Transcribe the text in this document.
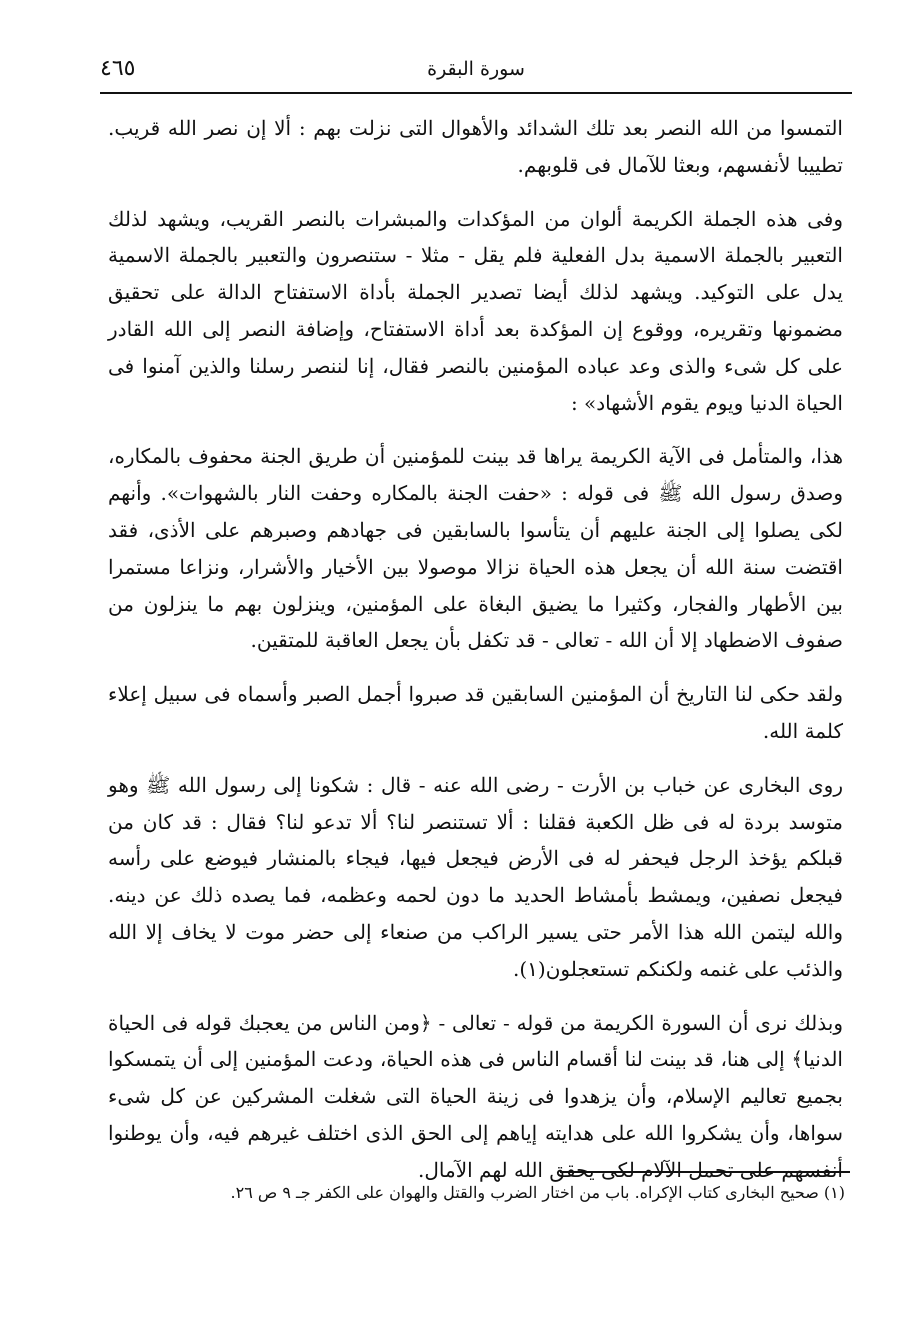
سورة البقرة
٤٦٥

التمسوا من الله النصر بعد تلك الشدائد والأهوال التى نزلت بهم : ألا إن نصر الله قريب. تطييبا لأنفسهم، وبعثا للآمال فى قلوبهم.

وفى هذه الجملة الكريمة ألوان من المؤكدات والمبشرات بالنصر القريب، ويشهد لذلك التعبير بالجملة الاسمية بدل الفعلية فلم يقل - مثلا - ستنصرون والتعبير بالجملة الاسمية يدل على التوكيد. ويشهد لذلك أيضا تصدير الجملة بأداة الاستفتاح الدالة على تحقيق مضمونها وتقريره، ووقوع إن المؤكدة بعد أداة الاستفتاح، وإضافة النصر إلى الله القادر على كل شىء والذى وعد عباده المؤمنين بالنصر فقال، إنا لننصر رسلنا والذين آمنوا فى الحياة الدنيا ويوم يقوم الأشهاد» :

هذا، والمتأمل فى الآية الكريمة يراها قد بينت للمؤمنين أن طريق الجنة محفوف بالمكاره، وصدق رسول الله ﷺ فى قوله : «حفت الجنة بالمكاره وحفت النار بالشهوات». وأنهم لكى يصلوا إلى الجنة عليهم أن يتأسوا بالسابقين فى جهادهم وصبرهم على الأذى، فقد اقتضت سنة الله أن يجعل هذه الحياة نزالا موصولا بين الأخيار والأشرار، ونزاعا مستمرا بين الأطهار والفجار، وكثيرا ما يضيق البغاة على المؤمنين، وينزلون بهم ما ينزلون من صفوف الاضطهاد إلا أن الله - تعالى - قد تكفل بأن يجعل العاقبة للمتقين.

ولقد حكى لنا التاريخ أن المؤمنين السابقين قد صبروا أجمل الصبر وأسماه فى سبيل إعلاء كلمة الله.

روى البخارى عن خباب بن الأرت - رضى الله عنه - قال : شكونا إلى رسول الله ﷺ وهو متوسد بردة له فى ظل الكعبة فقلنا : ألا تستنصر لنا؟ ألا تدعو لنا؟ فقال : قد كان من قبلكم يؤخذ الرجل فيحفر له فى الأرض فيجعل فيها، فيجاء بالمنشار فيوضع على رأسه فيجعل نصفين، ويمشط بأمشاط الحديد ما دون لحمه وعظمه، فما يصده ذلك عن دينه. والله ليتمن الله هذا الأمر حتى يسير الراكب من صنعاء إلى حضر موت لا يخاف إلا الله والذئب على غنمه ولكنكم تستعجلون(١).

وبذلك نرى أن السورة الكريمة من قوله - تعالى - ﴿ومن الناس من يعجبك قوله فى الحياة الدنيا﴾ إلى هنا، قد بينت لنا أقسام الناس فى هذه الحياة، ودعت المؤمنين إلى أن يتمسكوا بجميع تعاليم الإسلام، وأن يزهدوا فى زينة الحياة التى شغلت المشركين عن كل شىء سواها، وأن يشكروا الله على هدايته إياهم إلى الحق الذى اختلف غيرهم فيه، وأن يوطنوا أنفسهم على تحمل الآلام لكى يحقق الله لهم الآمال.

(١) صحيح البخارى كتاب الإكراه. باب من اختار الضرب والقتل والهوان على الكفر جـ ٩ ص ٢٦.
